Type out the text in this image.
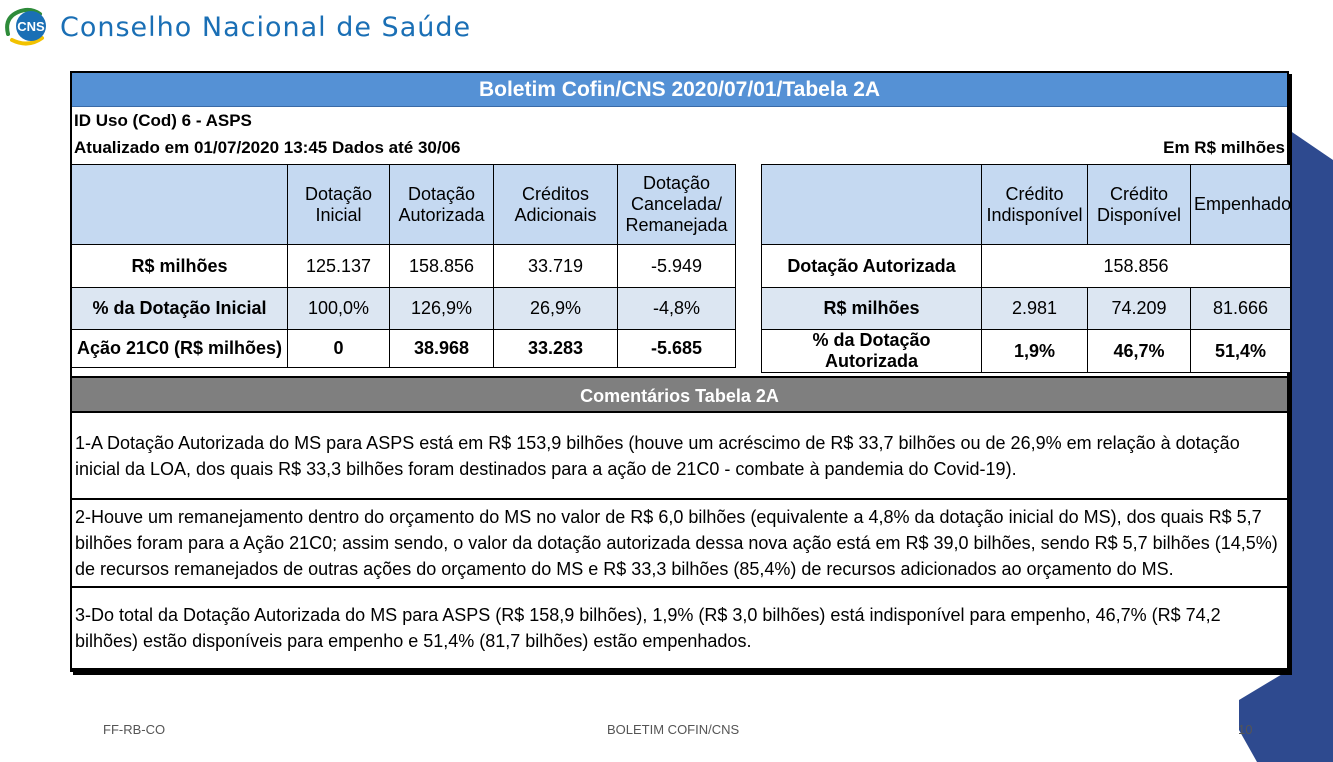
CNS Conselho Nacional de Saúde
Boletim Cofin/CNS 2020/07/01/Tabela 2A
ID Uso (Cod) 6 - ASPS
Atualizado em 01/07/2020 13:45 Dados até 30/06	Em R$ milhões
	Dotação Inicial	Dotação Autorizada	Créditos Adicionais	Dotação Cancelada/ Remanejada
R$ milhões	125.137	158.856	33.719	-5.949
% da Dotação Inicial	100,0%	126,9%	26,9%	-4,8%
Ação 21C0 (R$ milhões)	0	38.968	33.283	-5.685
	Crédito Indisponível	Crédito Disponível	Empenhado
Dotação Autorizada	158.856		
R$ milhões	2.981	74.209	81.666
% da Dotação Autorizada	1,9%	46,7%	51,4%
Comentários Tabela 2A
1-A Dotação Autorizada do MS para ASPS está em R$ 153,9 bilhões (houve um acréscimo de R$ 33,7 bilhões ou de 26,9% em relação à dotação inicial da LOA, dos quais R$ 33,3 bilhões foram destinados para a ação de 21C0 - combate à pandemia do Covid-19).
2-Houve um remanejamento dentro do orçamento do MS no valor de R$ 6,0 bilhões (equivalente a 4,8% da dotação inicial do MS), dos quais R$ 5,7 bilhões foram para a Ação 21C0; assim sendo, o valor da dotação autorizada dessa nova ação está em R$ 39,0 bilhões, sendo R$ 5,7 bilhões (14,5%) de recursos remanejados de outras ações do orçamento do MS e R$ 33,3 bilhões (85,4%) de recursos adicionados ao orçamento do MS.
3-Do total da Dotação Autorizada do MS para ASPS (R$ 158,9 bilhões), 1,9% (R$ 3,0 bilhões) está indisponível para empenho, 46,7% (R$ 74,2 bilhões) estão disponíveis para empenho e 51,4% (81,7 bilhões) estão empenhados.
FF-RB-CO	BOLETIM COFIN/CNS	10
